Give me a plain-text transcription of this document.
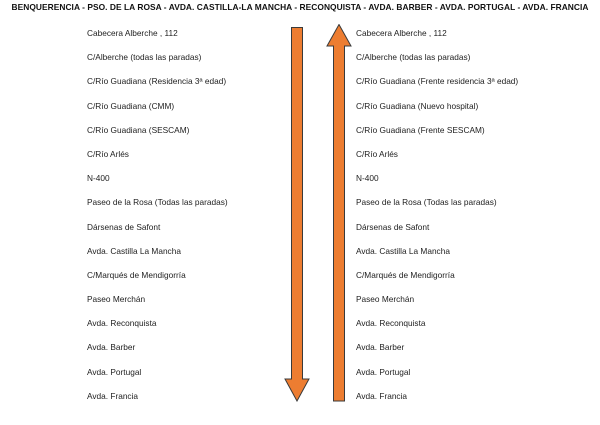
BENQUERENCIA - PSO. DE LA ROSA - AVDA. CASTILLA-LA MANCHA - RECONQUISTA - AVDA. BARBER - AVDA. PORTUGAL - AVDA. FRANCIA
Cabecera Alberche , 112
C/Alberche (todas las paradas)
C/Río Guadiana (Residencia 3ª edad)
C/Río Guadiana (CMM)
C/Río Guadiana (SESCAM)
C/Río Arlés
N-400
Paseo de la Rosa (Todas las paradas)
Dársenas de Safont
Avda. Castilla La Mancha
C/Marqués de Mendigorría
Paseo Merchán
Avda. Reconquista
Avda. Barber
Avda. Portugal
Avda. Francia
Cabecera Alberche , 112
C/Alberche (todas las paradas)
C/Río Guadiana (Frente residencia 3ª edad)
C/Río Guadiana (Nuevo hospital)
C/Río Guadiana (Frente SESCAM)
C/Río Arlés
N-400
Paseo de la Rosa (Todas las paradas)
Dársenas de Safont
Avda. Castilla La Mancha
C/Marqués de Mendigorría
Paseo Merchán
Avda. Reconquista
Avda. Barber
Avda. Portugal
Avda. Francia
